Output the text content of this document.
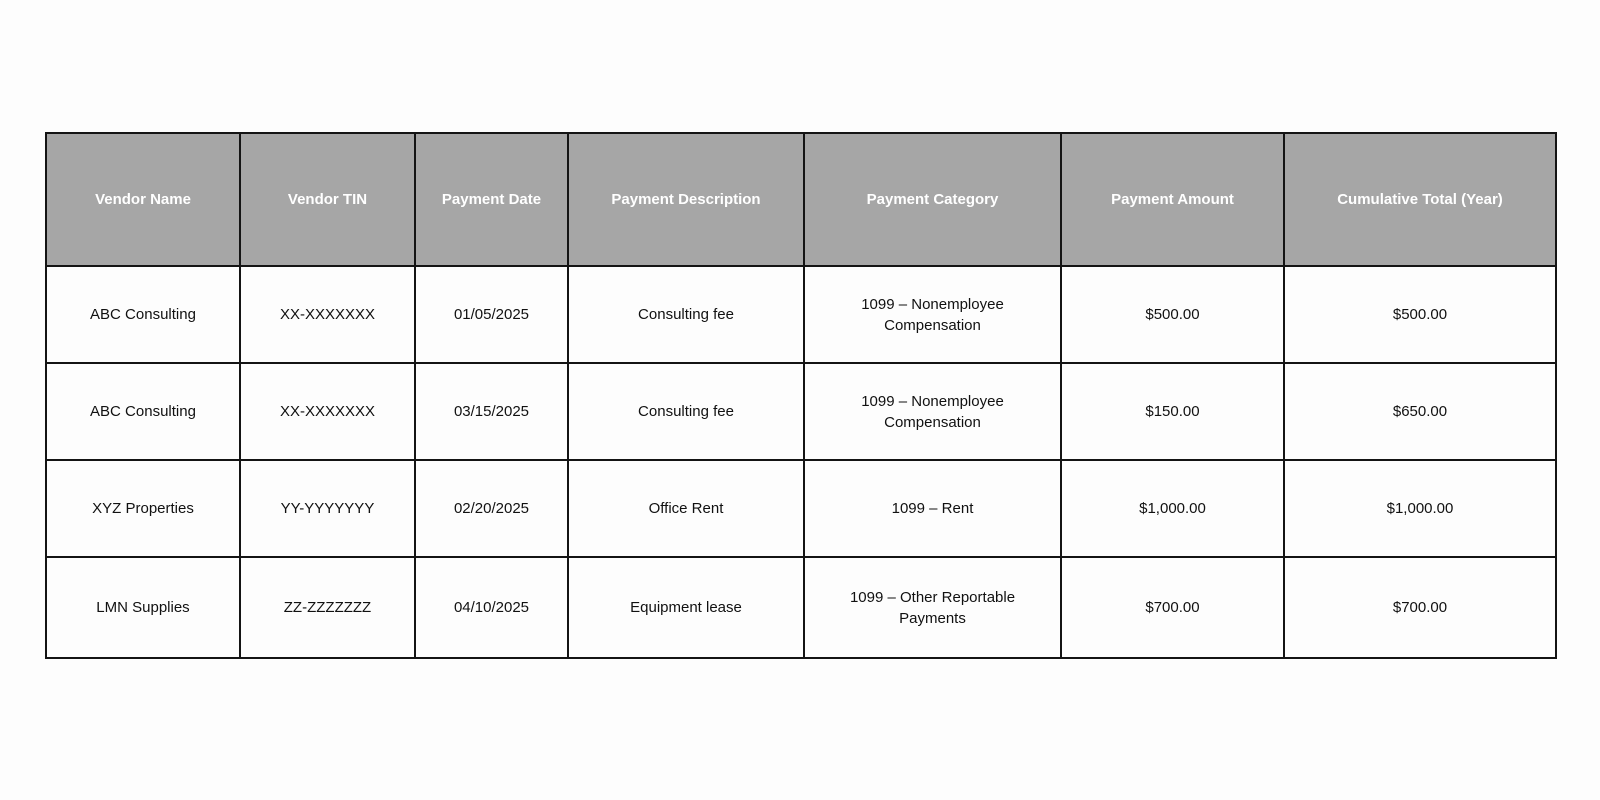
Vendor Name	Vendor TIN	Payment Date	Payment Description	Payment Category	Payment Amount	Cumulative Total (Year)
ABC Consulting	XX-XXXXXXX	01/05/2025	Consulting fee	1099 – Nonemployee Compensation	$500.00	$500.00
ABC Consulting	XX-XXXXXXX	03/15/2025	Consulting fee	1099 – Nonemployee Compensation	$150.00	$650.00
XYZ Properties	YY-YYYYYYY	02/20/2025	Office Rent	1099 – Rent	$1,000.00	$1,000.00
LMN Supplies	ZZ-ZZZZZZZ	04/10/2025	Equipment lease	1099 – Other Reportable Payments	$700.00	$700.00
